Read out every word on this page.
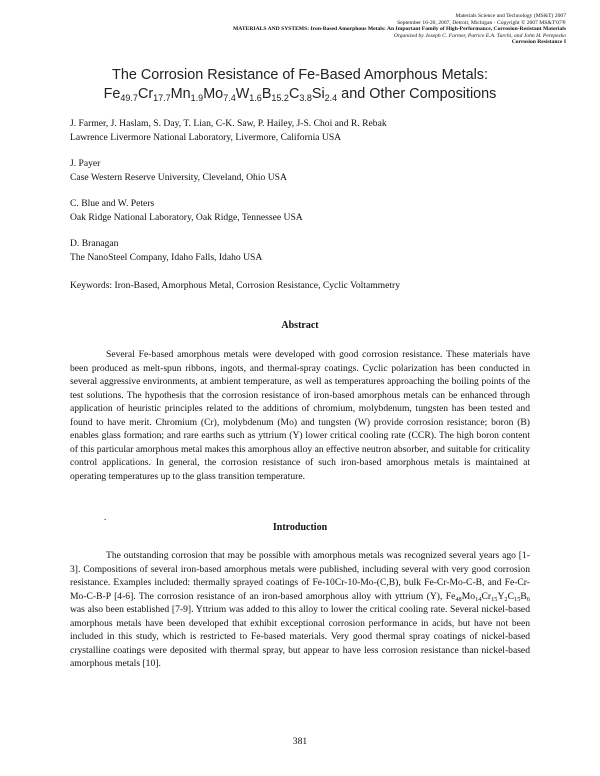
Materials Science and Technology (MS&T) 2007
September 16-20, 2007, Detroit, Michigan · Copyright © 2007 MS&T'07®
MATERIALS AND SYSTEMS: Iron-Based Amorphous Metals: An Important Family of High-Performance, Corrosion-Resistant Materials
Organized by Joseph C. Farmer, Patrice E.A. Turchi, and John H. Perepezko
Corrosion Resistance I
The Corrosion Resistance of Fe-Based Amorphous Metals:
$Fe_{49.7}Cr_{17.7}Mn_{1.9}Mo_{7.4}W_{1.6}B_{15.2}C_{3.8}Si_{2.4}$ and Other Compositions
J. Farmer, J. Haslam, S. Day, T. Lian, C-K. Saw, P. Hailey, J-S. Choi and R. Rebak
Lawrence Livermore National Laboratory, Livermore, California USA
J. Payer
Case Western Reserve University, Cleveland, Ohio USA
C. Blue and W. Peters
Oak Ridge National Laboratory, Oak Ridge, Tennessee USA
D. Branagan
The NanoSteel Company, Idaho Falls, Idaho USA
Keywords: Iron-Based, Amorphous Metal, Corrosion Resistance, Cyclic Voltammetry
Abstract

Several Fe-based amorphous metals were developed with good corrosion resistance. These materials have been produced as melt-spun ribbons, ingots, and thermal-spray coatings. Cyclic polarization has been conducted in several aggressive environments, at ambient temperature, as well as temperatures approaching the boiling points of the test solutions. The hypothesis that the corrosion resistance of iron-based amorphous metals can be enhanced through application of heuristic principles related to the additions of chromium, molybdenum, tungsten has been tested and found to have merit. Chromium (Cr), molybdenum (Mo) and tungsten (W) provide corrosion resistance; boron (B) enables glass formation; and rare earths such as yttrium (Y) lower critical cooling rate (CCR). The high boron content of this particular amorphous metal makes this amorphous alloy an effective neutron absorber, and suitable for criticality control applications. In general, the corrosion resistance of such iron-based amorphous metals is maintained at operating temperatures up to the glass transition temperature.

.
Introduction

The outstanding corrosion that may be possible with amorphous metals was recognized several years ago [1-3]. Compositions of several iron-based amorphous metals were published, including several with very good corrosion resistance. Examples included: thermally sprayed coatings of Fe-10Cr-10-Mo-(C,B), bulk Fe-Cr-Mo-C-B, and Fe-Cr-Mo-C-B-P [4-6]. The corrosion resistance of an iron-based amorphous alloy with yttrium (Y), $Fe_{48}Mo_{14}Cr_{15}Y_2C_{15}B_6$ was also been established [7-9]. Yttrium was added to this alloy to lower the critical cooling rate. Several nickel-based amorphous metals have been developed that exhibit exceptional corrosion performance in acids, but have not been included in this study, which is restricted to Fe-based materials. Very good thermal spray coatings of nickel-based crystalline coatings were deposited with thermal spray, but appear to have less corrosion resistance than nickel-based amorphous metals [10].

381
